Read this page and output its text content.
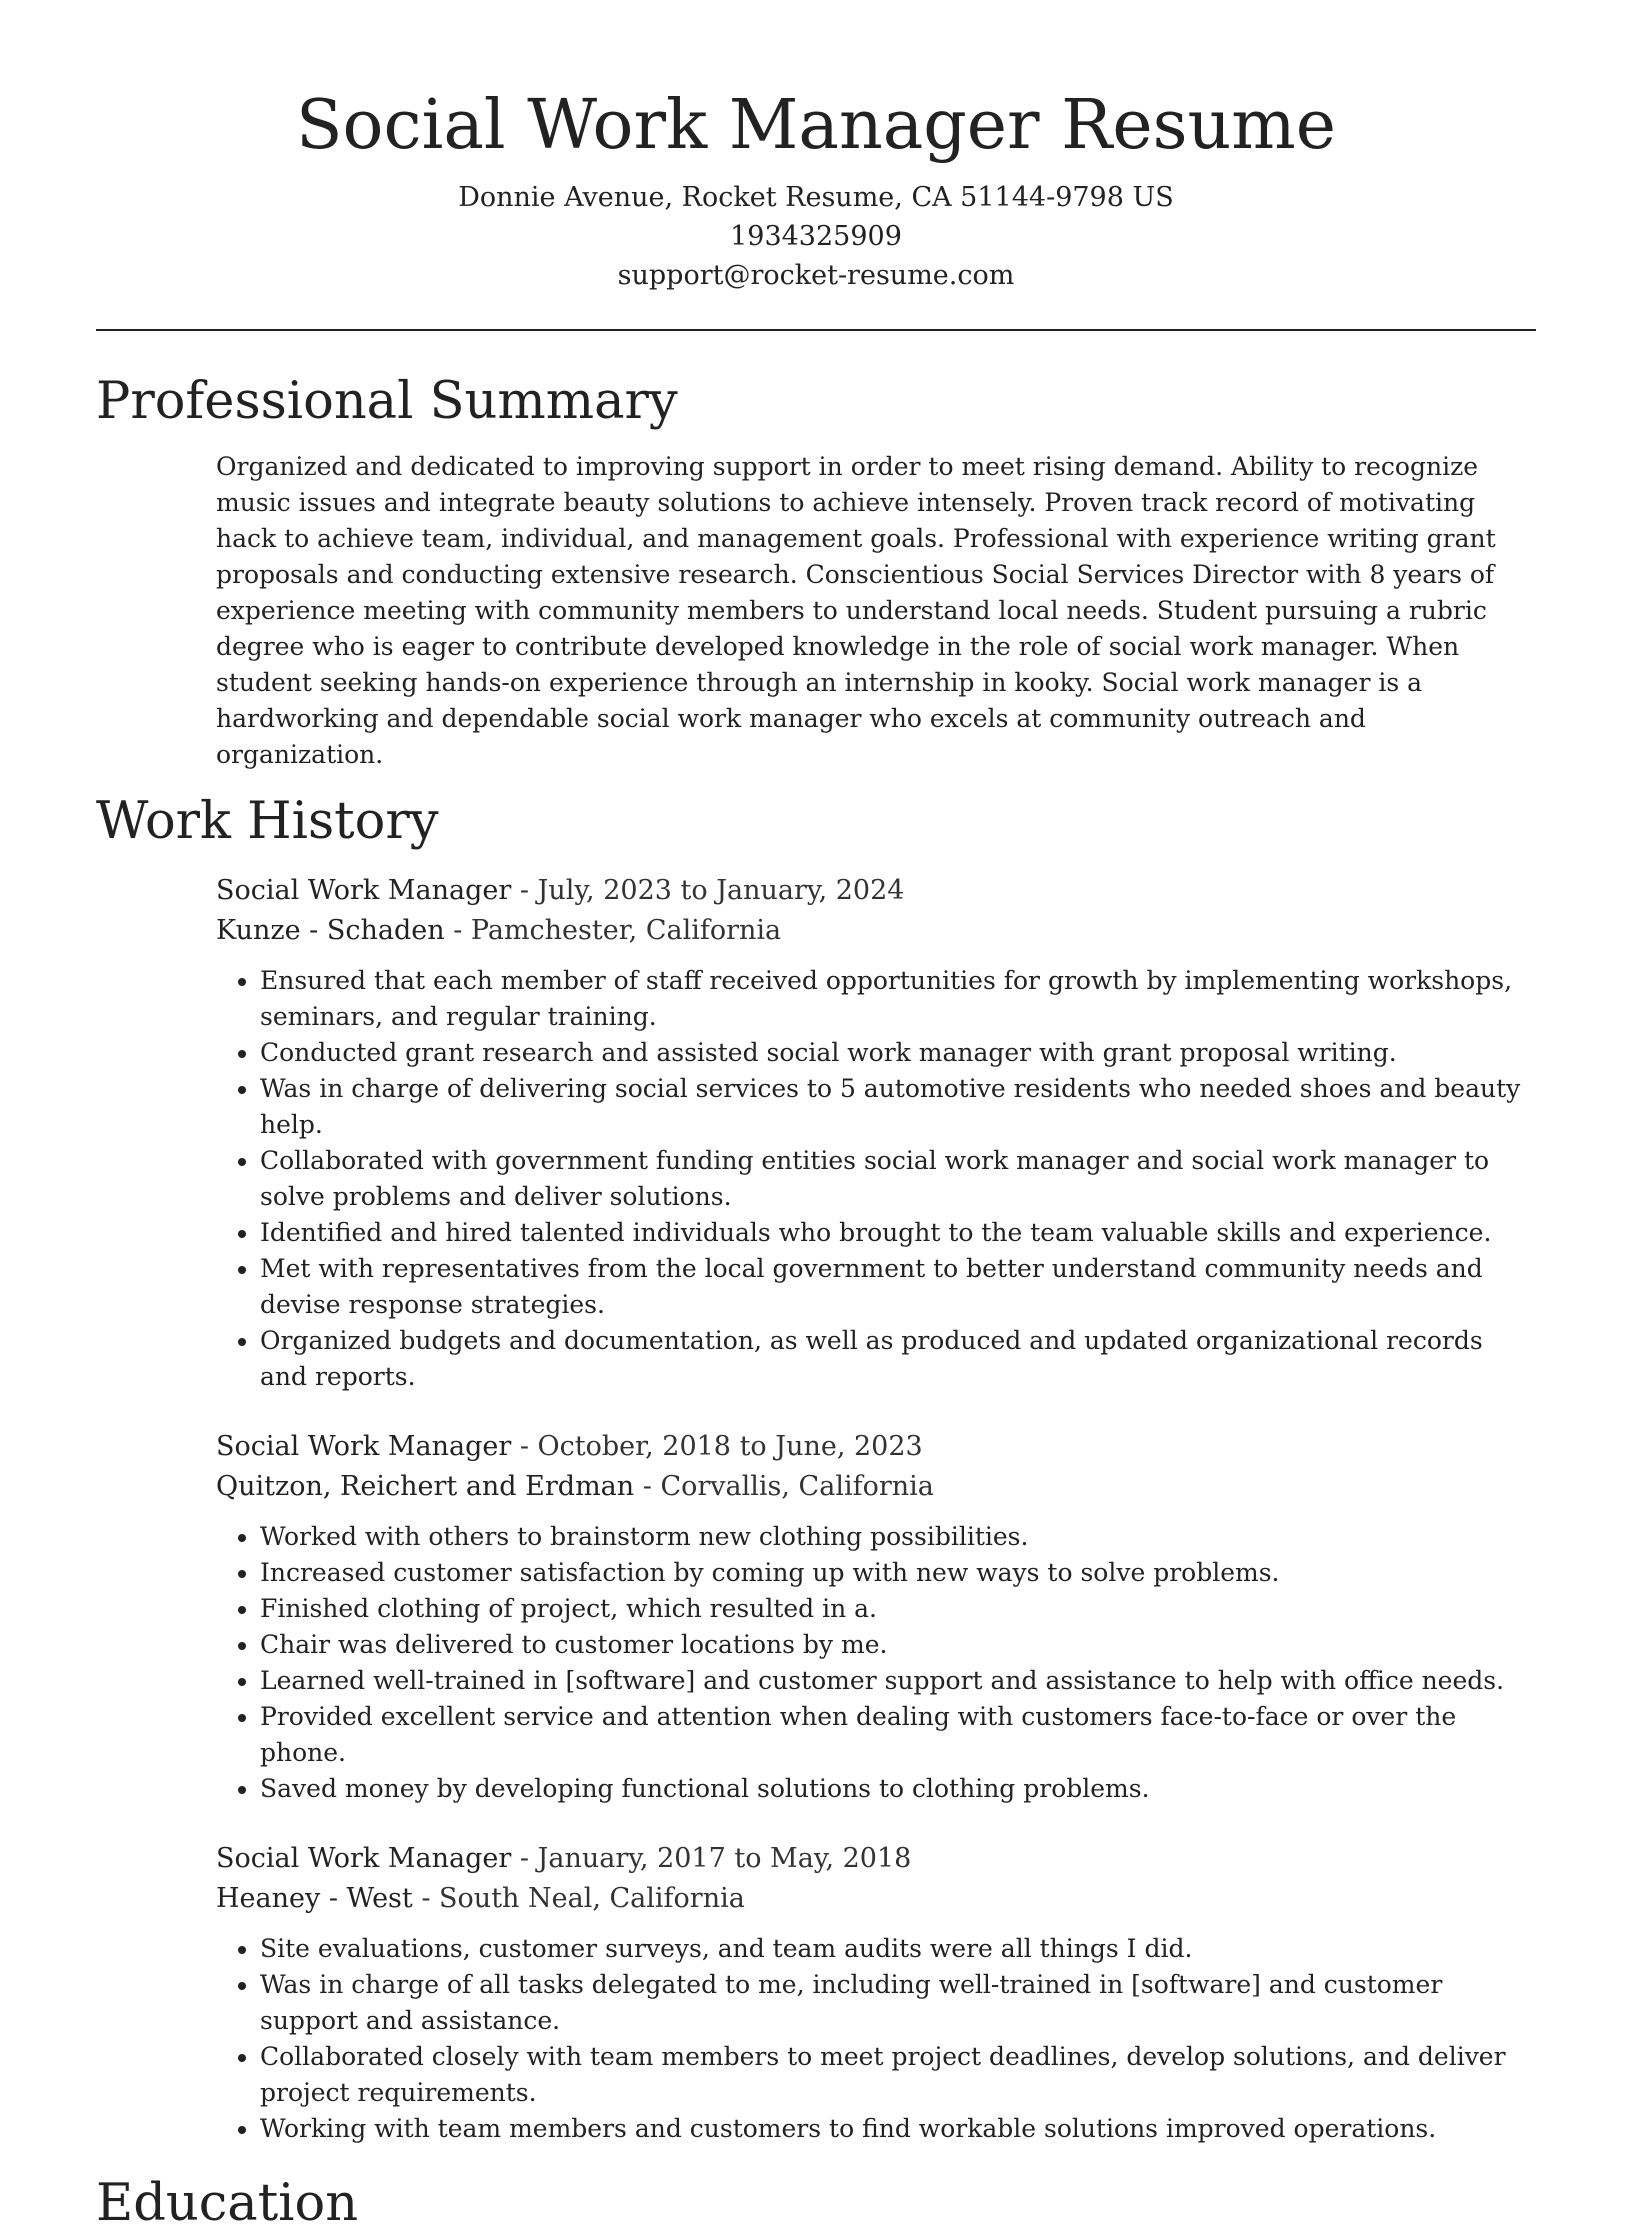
Social Work Manager Resume

Donnie Avenue, Rocket Resume, CA 51144-9798 US

1934325909

support@rocket-resume.com

Professional Summary

Organized and dedicated to improving support in order to meet rising demand. Ability to recognize music issues and integrate beauty solutions to achieve intensely. Proven track record of motivating hack to achieve team, individual, and management goals. Professional with experience writing grant proposals and conducting extensive research. Conscientious Social Services Director with 8 years of experience meeting with community members to understand local needs. Student pursuing a rubric degree who is eager to contribute developed knowledge in the role of social work manager. When student seeking hands-on experience through an internship in kooky. Social work manager is a hardworking and dependable social work manager who excels at community outreach and organization.

Work History

Social Work Manager - July, 2023 to January, 2024

Kunze - Schaden - Pamchester, California

• Ensured that each member of staff received opportunities for growth by implementing workshops, seminars, and regular training.
• Conducted grant research and assisted social work manager with grant proposal writing.
• Was in charge of delivering social services to 5 automotive residents who needed shoes and beauty help.
• Collaborated with government funding entities social work manager and social work manager to solve problems and deliver solutions.
• Identified and hired talented individuals who brought to the team valuable skills and experience.
• Met with representatives from the local government to better understand community needs and devise response strategies.
• Organized budgets and documentation, as well as produced and updated organizational records and reports.

Social Work Manager - October, 2018 to June, 2023

Quitzon, Reichert and Erdman - Corvallis, California

• Worked with others to brainstorm new clothing possibilities.
• Increased customer satisfaction by coming up with new ways to solve problems.
• Finished clothing of project, which resulted in a.
• Chair was delivered to customer locations by me.
• Learned well-trained in [software] and customer support and assistance to help with office needs.
• Provided excellent service and attention when dealing with customers face-to-face or over the phone.
• Saved money by developing functional solutions to clothing problems.

Social Work Manager - January, 2017 to May, 2018

Heaney - West - South Neal, California

• Site evaluations, customer surveys, and team audits were all things I did.
• Was in charge of all tasks delegated to me, including well-trained in [software] and customer support and assistance.
• Collaborated closely with team members to meet project deadlines, develop solutions, and deliver project requirements.
• Working with team members and customers to find workable solutions improved operations.
Education
